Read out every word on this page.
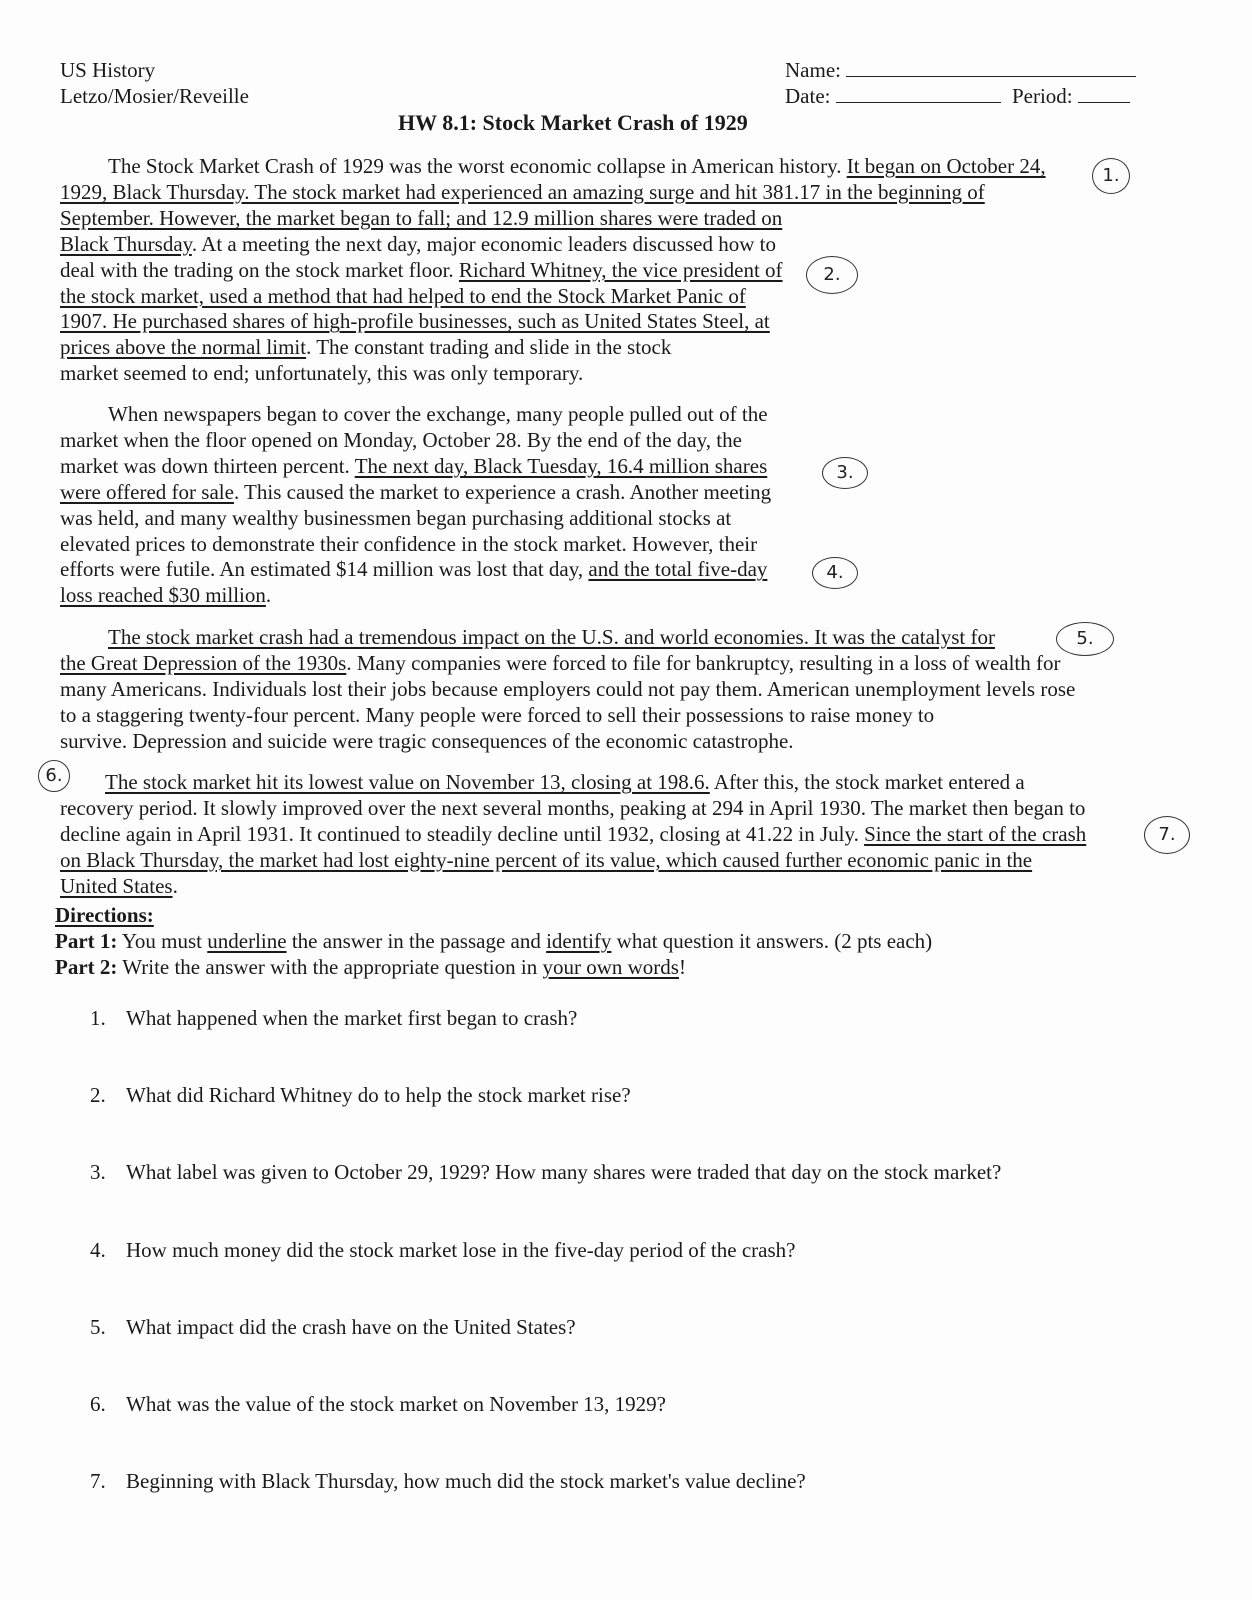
US History
Letzo/Mosier/Reveille
Name:
Date:	Period:
HW 8.1: Stock Market Crash of 1929
The Stock Market Crash of 1929 was the worst economic collapse in American history. It began on October 24,
1929, Black Thursday. The stock market had experienced an amazing surge and hit 381.17 in the beginning of
September. However, the market began to fall; and 12.9 million shares were traded on
Black Thursday. At a meeting the next day, major economic leaders discussed how to
deal with the trading on the stock market floor. Richard Whitney, the vice president of
the stock market, used a method that had helped to end the Stock Market Panic of
1907. He purchased shares of high-profile businesses, such as United States Steel, at
prices above the normal limit. The constant trading and slide in the stock
market seemed to end; unfortunately, this was only temporary.
When newspapers began to cover the exchange, many people pulled out of the
market when the floor opened on Monday, October 28. By the end of the day, the
market was down thirteen percent. The next day, Black Tuesday, 16.4 million shares
were offered for sale. This caused the market to experience a crash. Another meeting
was held, and many wealthy businessmen began purchasing additional stocks at
elevated prices to demonstrate their confidence in the stock market. However, their
efforts were futile. An estimated $14 million was lost that day, and the total five-day
loss reached $30 million.
The stock market crash had a tremendous impact on the U.S. and world economies. It was the catalyst for
the Great Depression of the 1930s. Many companies were forced to file for bankruptcy, resulting in a loss of wealth for
many Americans. Individuals lost their jobs because employers could not pay them. American unemployment levels rose
to a staggering twenty-four percent. Many people were forced to sell their possessions to raise money to
survive. Depression and suicide were tragic consequences of the economic catastrophe.
The stock market hit its lowest value on November 13, closing at 198.6. After this, the stock market entered a
recovery period. It slowly improved over the next several months, peaking at 294 in April 1930. The market then began to
decline again in April 1931. It continued to steadily decline until 1932, closing at 41.22 in July. Since the start of the crash
on Black Thursday, the market had lost eighty-nine percent of its value, which caused further economic panic in the
United States.
1.
2.
3.
4.
5.
6.
7.
Directions:
Part 1: You must underline the answer in the passage and identify what question it answers. (2 pts each)
Part 2: Write the answer with the appropriate question in your own words!
1. What happened when the market first began to crash?
2. What did Richard Whitney do to help the stock market rise?
3. What label was given to October 29, 1929? How many shares were traded that day on the stock market?
4. How much money did the stock market lose in the five-day period of the crash?
5. What impact did the crash have on the United States?
6. What was the value of the stock market on November 13, 1929?
7. Beginning with Black Thursday, how much did the stock market's value decline?
